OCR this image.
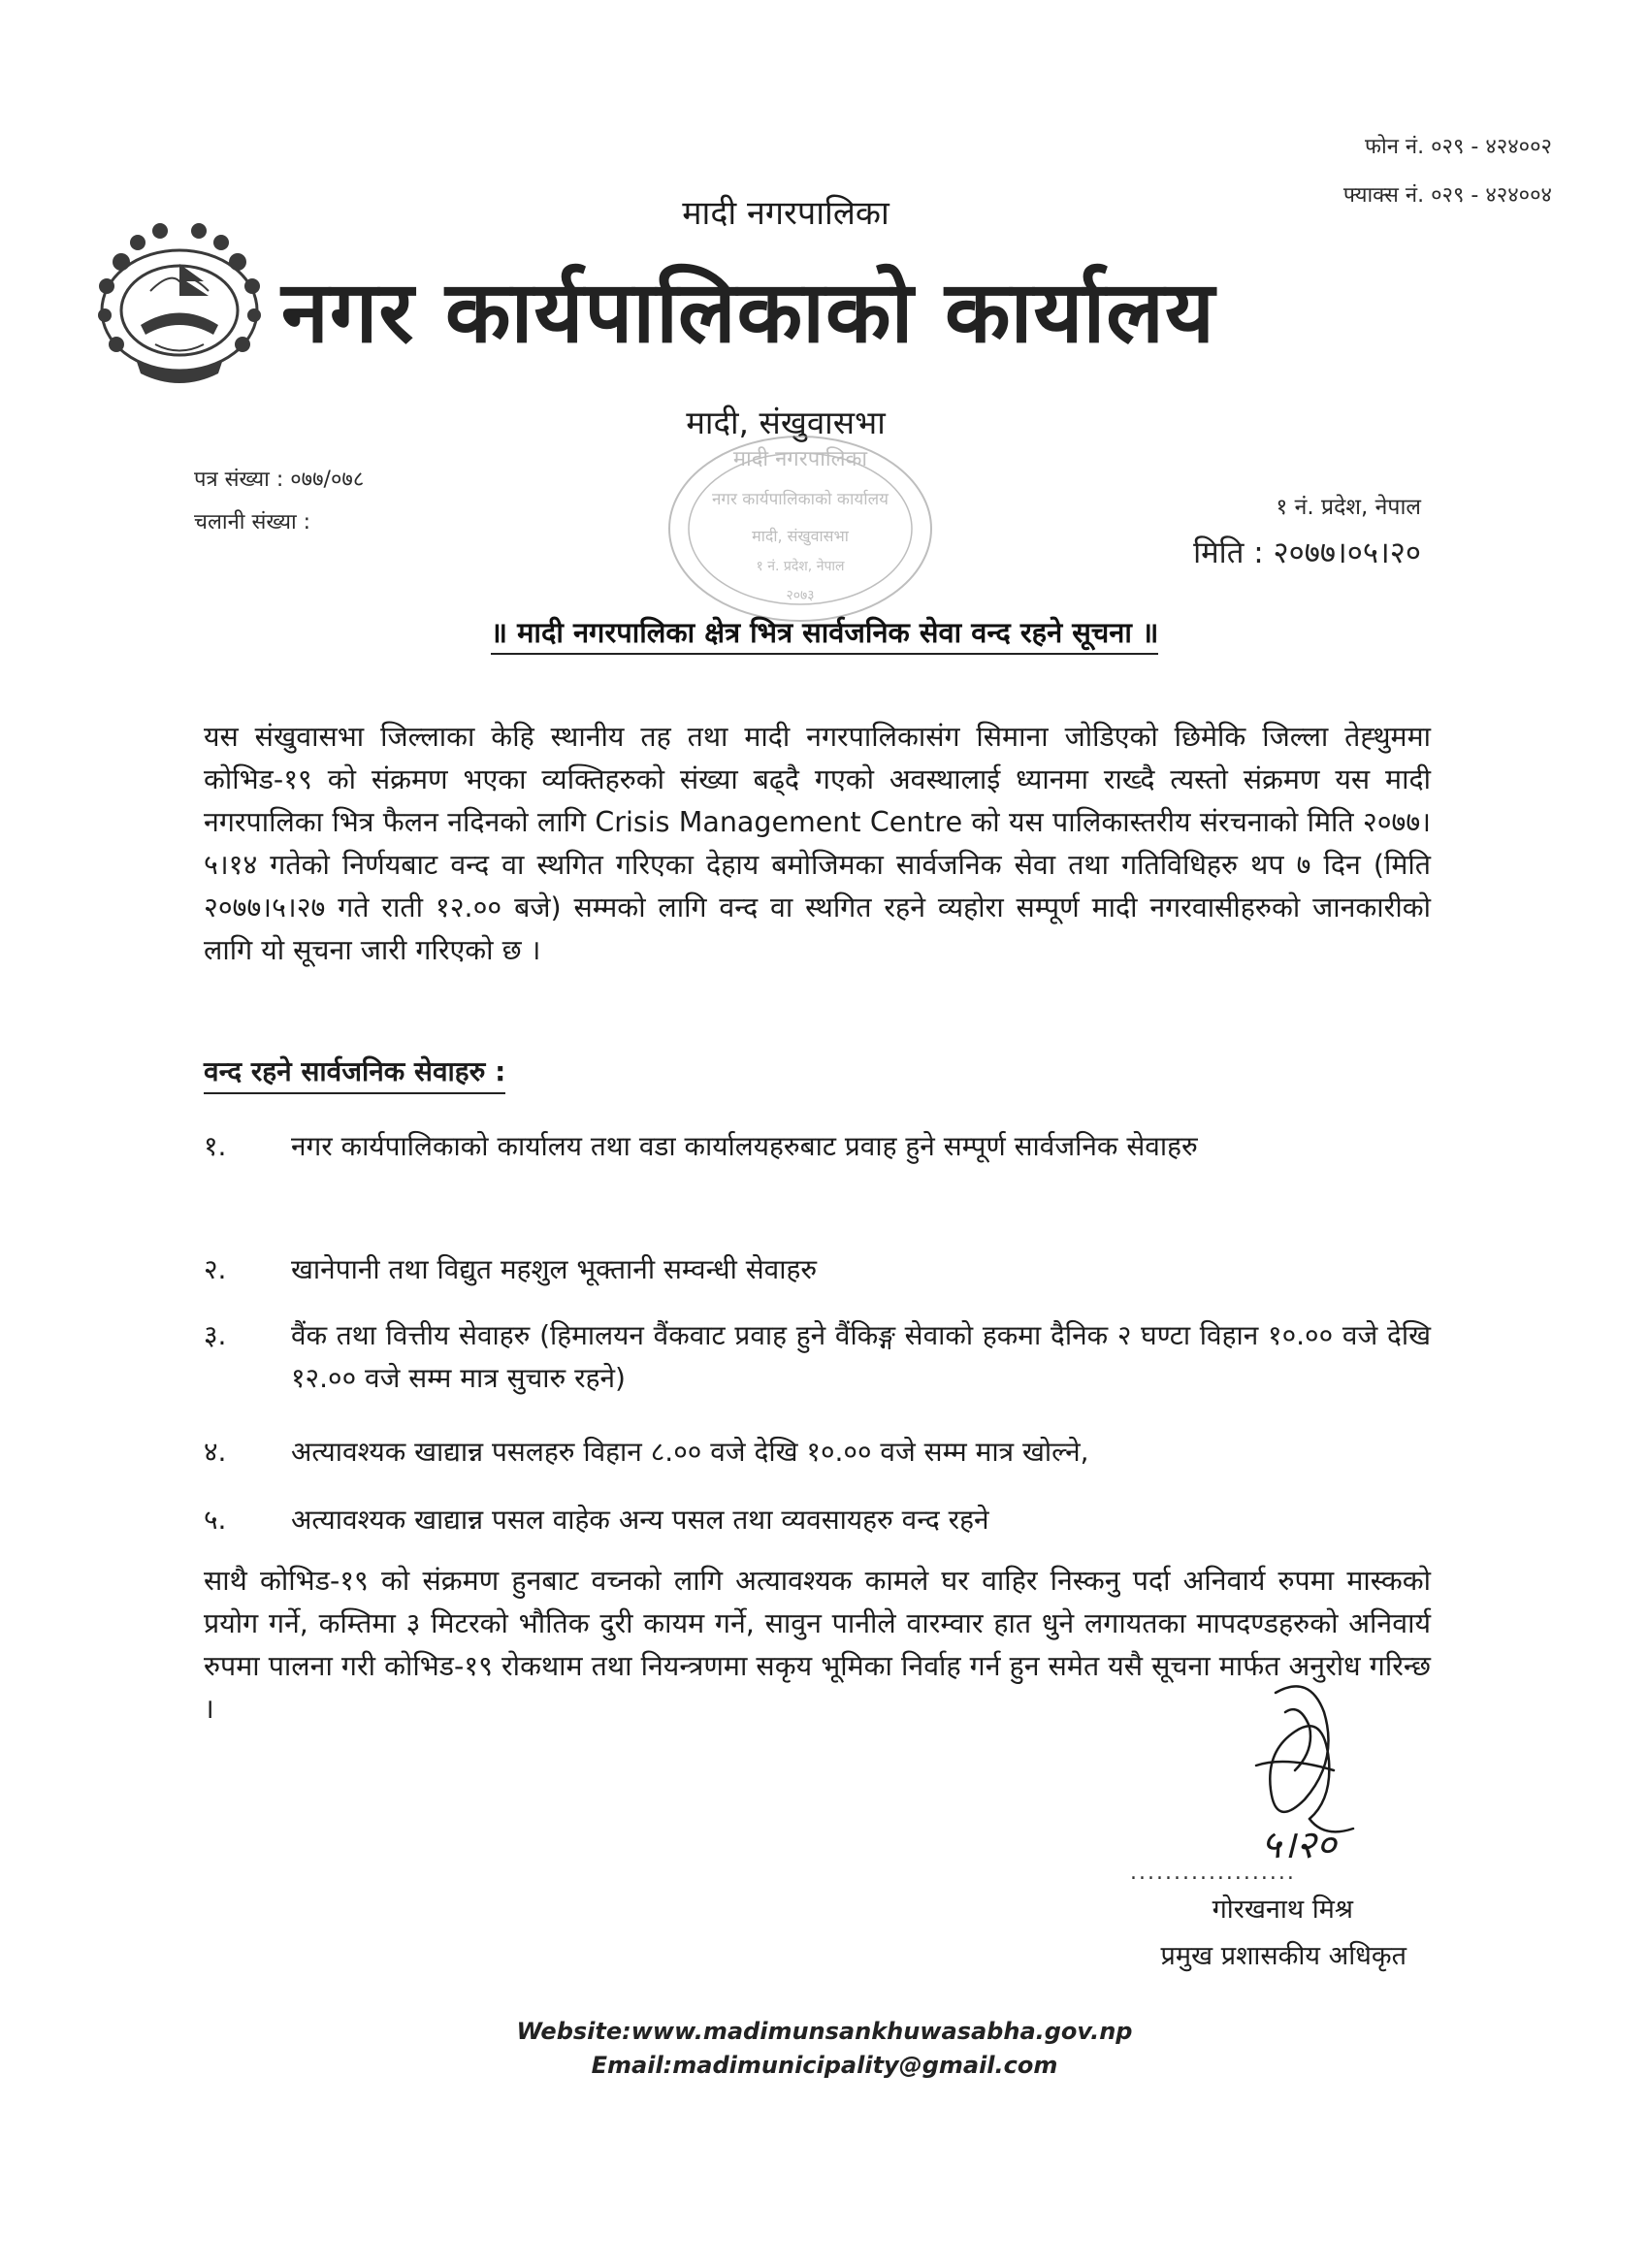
फोन नं. ०२९ - ४२४००२
फ्याक्स नं. ०२९ - ४२४००४
मादी नगरपालिका
नगर कार्यपालिकाको कार्यालय
मादी, संखुवासभा
पत्र संख्या : ०७७/०७८
चलानी संख्या :
१ नं. प्रदेश, नेपाल
मिति : २०७७।०५।२०
मादी नगरपालिका
नगर कार्यपालिकाको कार्यालय
मादी, संखुवासभा
१ नं. प्रदेश, नेपाल
२०७३
॥ मादी नगरपालिका क्षेत्र भित्र सार्वजनिक सेवा वन्द रहने सूचना ॥
यस संखुवासभा जिल्लाका केहि स्थानीय तह तथा मादी नगरपालिकासंग सिमाना जोडिएको छिमेकि जिल्ला तेह्थुममा कोभिड-१९ को संक्रमण भएका व्यक्तिहरुको संख्या बढ्दै गएको अवस्थालाई ध्यानमा राख्दै त्यस्तो संक्रमण यस मादी नगरपालिका भित्र फैलन नदिनको लागि Crisis Management Centre को यस पालिकास्तरीय संरचनाको मिति २०७७।५।१४ गतेको निर्णयबाट वन्द वा स्थगित गरिएका देहाय बमोजिमका सार्वजनिक सेवा तथा गतिविधिहरु थप ७ दिन (मिति २०७७।५।२७ गते राती १२.०० बजे) सम्मको लागि वन्द वा स्थगित रहने व्यहोरा सम्पूर्ण मादी नगरवासीहरुको जानकारीको लागि यो सूचना जारी गरिएको छ ।
वन्द रहने सार्वजनिक सेवाहरु :
१.	नगर कार्यपालिकाको कार्यालय तथा वडा कार्यालयहरुबाट प्रवाह हुने सम्पूर्ण सार्वजनिक सेवाहरु
२.	खानेपानी तथा विद्युत महशुल भूक्तानी सम्वन्धी सेवाहरु
३.	वैंक तथा वित्तीय सेवाहरु (हिमालयन वैंकवाट प्रवाह हुने वैंकिङ्ग सेवाको हकमा दैनिक २ घण्टा विहान १०.०० वजे देखि १२.०० वजे सम्म मात्र सुचारु रहने)
४.	अत्यावश्यक खाद्यान्न पसलहरु विहान ८.०० वजे देखि १०.०० वजे सम्म मात्र खोल्ने,
५.	अत्यावश्यक खाद्यान्न पसल वाहेक अन्य पसल तथा व्यवसायहरु वन्द रहने
साथै कोभिड-१९ को संक्रमण हुनबाट वच्नको लागि अत्यावश्यक कामले घर वाहिर निस्कनु पर्दा अनिवार्य रुपमा मास्कको प्रयोग गर्ने, कम्तिमा ३ मिटरको भौतिक दुरी कायम गर्ने, सावुन पानीले वारम्वार हात धुने लगायतका मापदण्डहरुको अनिवार्य रुपमा पालना गरी कोभिड-१९ रोकथाम तथा नियन्त्रणमा सकृय भूमिका निर्वाह गर्न हुन समेत यसै सूचना मार्फत अनुरोध गरिन्छ ।
५।२०
...................
गोरखनाथ मिश्र
प्रमुख प्रशासकीय अधिकृत
Website:www.madimunsankhuwasabha.gov.np
Email:madimunicipality@gmail.com
